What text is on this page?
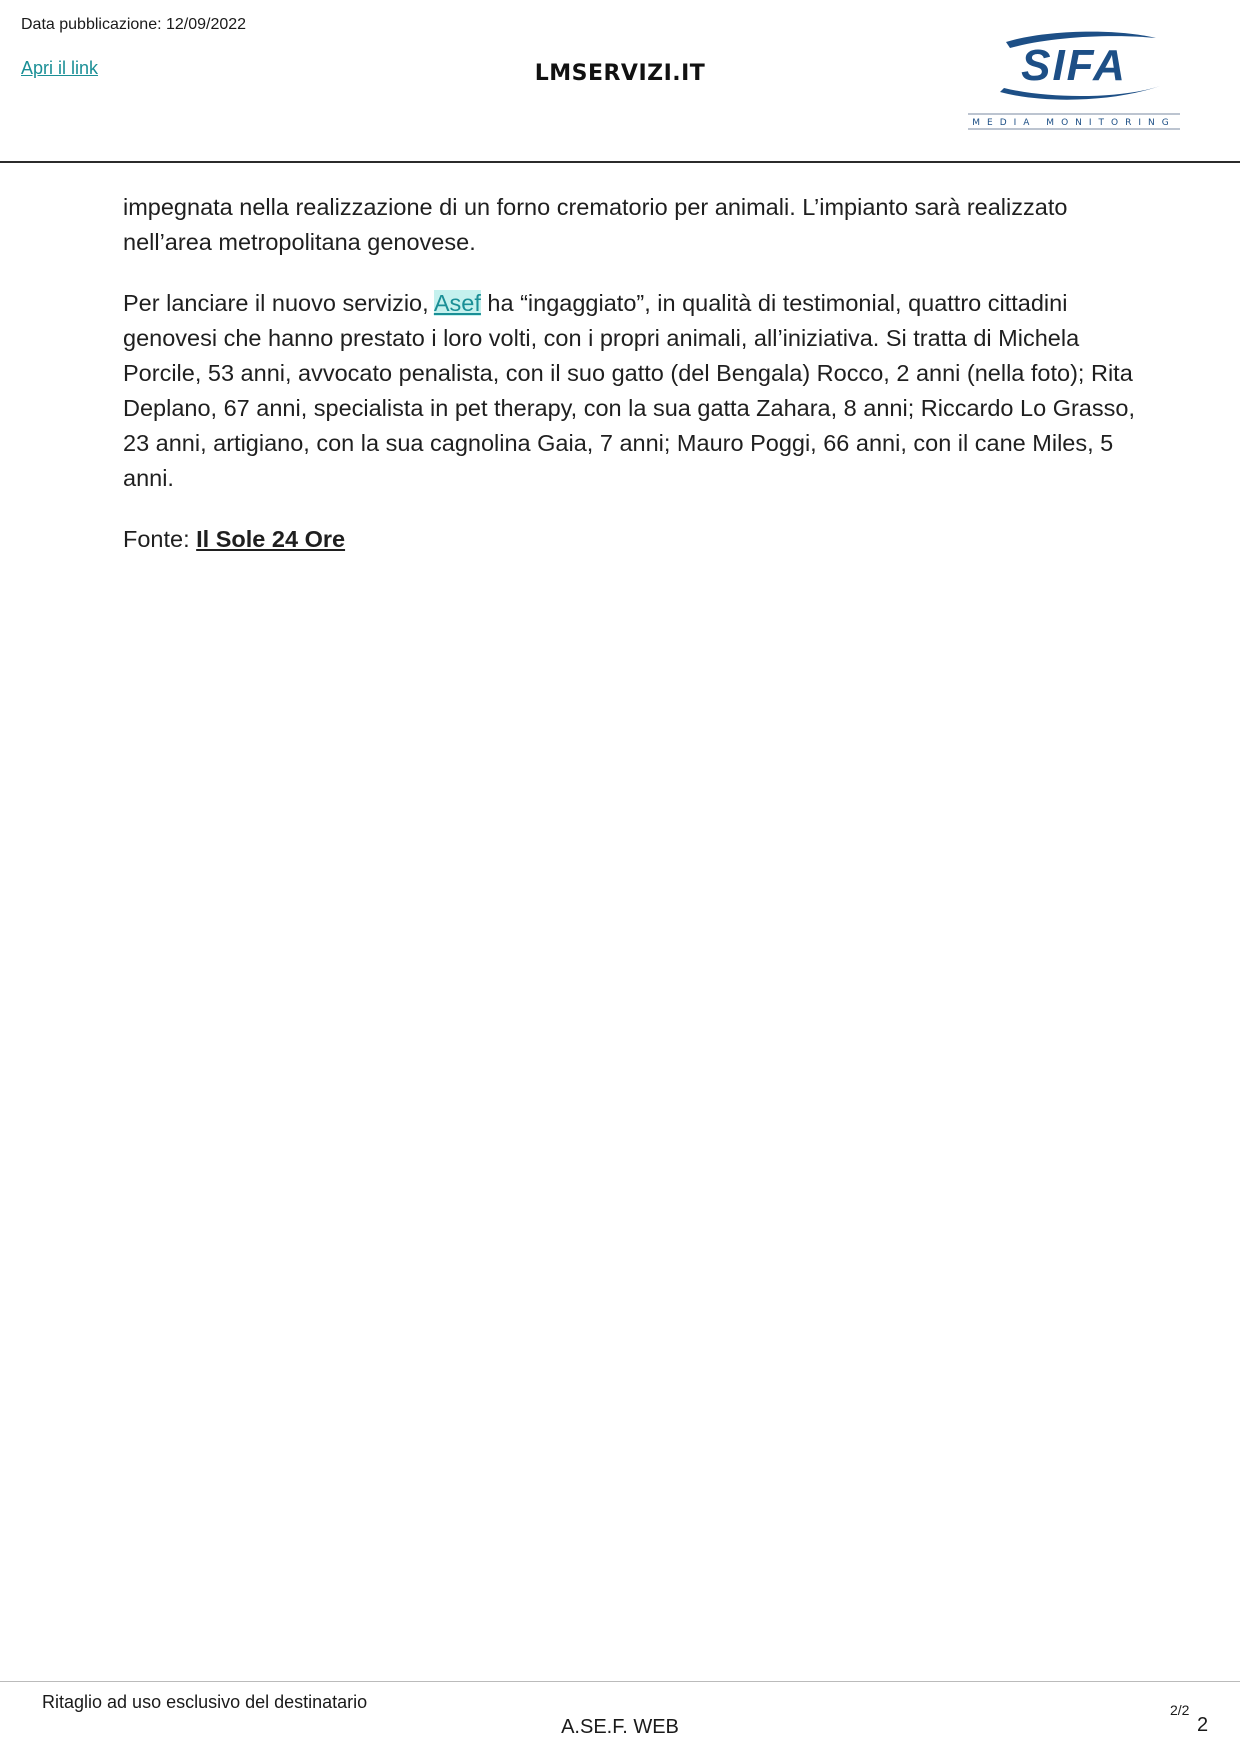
Data pubblicazione: 12/09/2022
Apri il link	LMSERVIZI.IT	SIFA
MEDIA MONITORING

impegnata nella realizzazione di un forno crematorio per animali. L’impianto sarà realizzato nell’area metropolitana genovese.

Per lanciare il nuovo servizio, Asef ha “ingaggiato”, in qualità di testimonial, quattro cittadini genovesi che hanno prestato i loro volti, con i propri animali, all’iniziativa. Si tratta di Michela Porcile, 53 anni, avvocato penalista, con il suo gatto (del Bengala) Rocco, 2 anni (nella foto); Rita Deplano, 67 anni, specialista in pet therapy, con la sua gatta Zahara, 8 anni; Riccardo Lo Grasso, 23 anni, artigiano, con la sua cagnolina Gaia, 7 anni; Mauro Poggi, 66 anni, con il cane Miles, 5 anni.

Fonte: Il Sole 24 Ore

Ritaglio ad uso esclusivo del destinatario
A.SE.F. WEB
2/2
2
